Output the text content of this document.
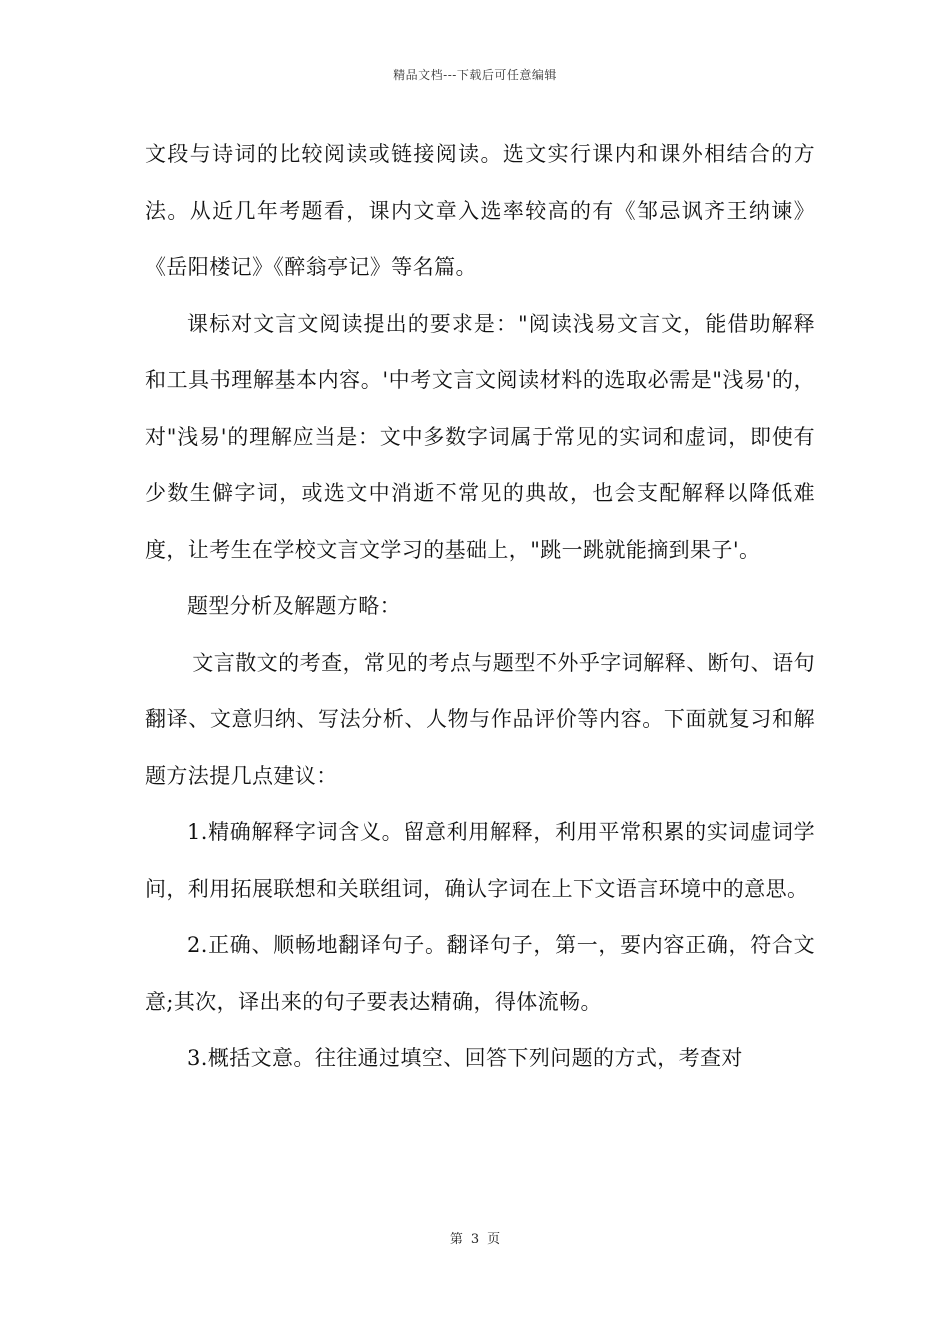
精品文档---下载后可任意编辑

文段与诗词的比较阅读或链接阅读。选文实行课内和课外相结合的方法。从近几年考题看，课内文章入选率较高的有《邹忌讽齐王纳谏》《岳阳楼记》《醉翁亭记》等名篇。

课标对文言文阅读提出的要求是："阅读浅易文言文，能借助解释和工具书理解基本内容。'中考文言文阅读材料的选取必需是"浅易'的，对"浅易'的理解应当是：文中多数字词属于常见的实词和虚词，即使有少数生僻字词，或选文中消逝不常见的典故，也会支配解释以降低难度，让考生在学校文言文学习的基础上，"跳一跳就能摘到果子'。

题型分析及解题方略：

文言散文的考查，常见的考点与题型不外乎字词解释、断句、语句翻译、文意归纳、写法分析、人物与作品评价等内容。下面就复习和解题方法提几点建议：

1.精确解释字词含义。留意利用解释，利用平常积累的实词虚词学问，利用拓展联想和关联组词，确认字词在上下文语言环境中的意思。

2.正确、顺畅地翻译句子。翻译句子，第一，要内容正确，符合文意;其次，译出来的句子要表达精确，得体流畅。

3.概括文意。往往通过填空、回答下列问题的方式，考查对

第 3 页
